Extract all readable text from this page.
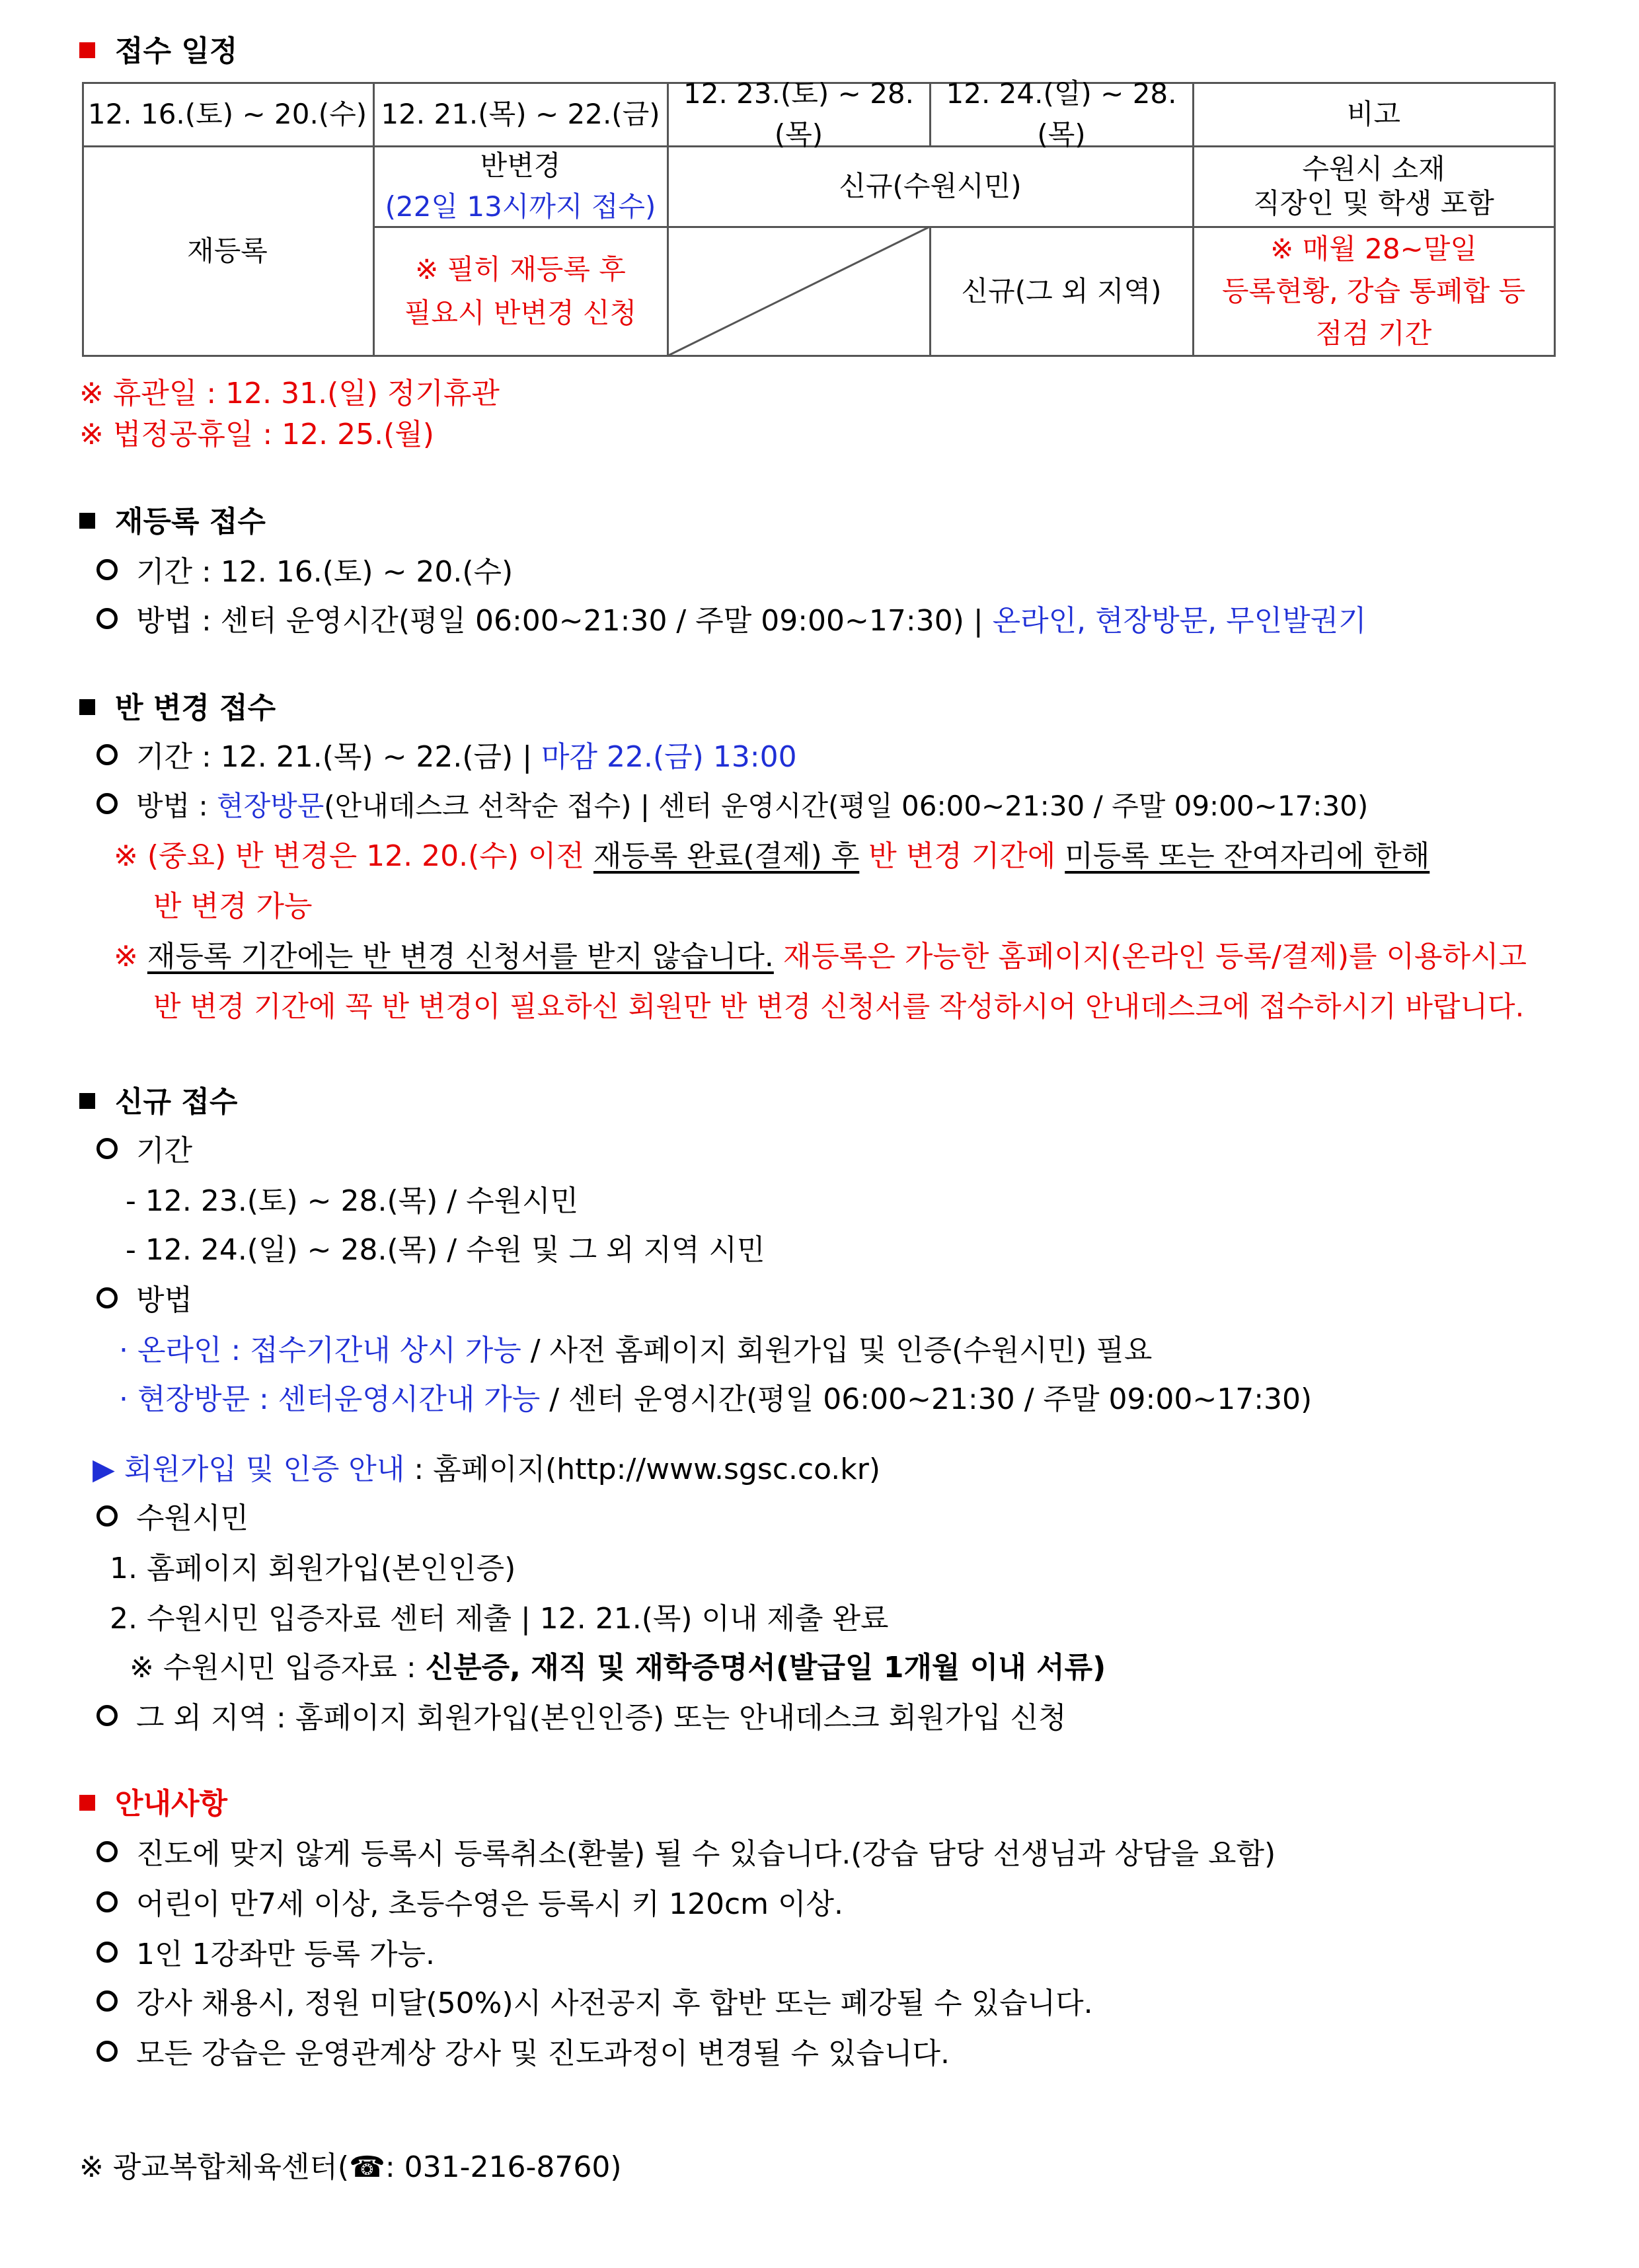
접수 일정
12. 16.(토) ~ 20.(수) 12. 21.(목) ~ 22.(금)
12. 23.(토) ~ 28.(목)
12. 24.(일) ~ 28.(목)
비고
재등록
반변경
(22일 13시까지 접수)
※ 필히 재등록 후
필요시 반변경 신청
신규(수원시민)
신규(그 외 지역)
수원시 소재
직장인 및 학생 포함
※ 매월 28~말일
등록현황, 강습 통폐합 등
점검 기간
※ 휴관일 : 12. 31.(일) 정기휴관
※ 법정공휴일 : 12. 25.(월)
재등록 접수
기간 : 12. 16.(토) ~ 20.(수)
방법 : 센터 운영시간(평일 06:00~21:30 / 주말 09:00~17:30) | 온라인, 현장방문, 무인발권기
반 변경 접수
기간 : 12. 21.(목) ~ 22.(금) | 마감 22.(금) 13:00
방법 : 현장방문(안내데스크 선착순 접수) | 센터 운영시간(평일 06:00~21:30 / 주말 09:00~17:30)
※ (중요) 반 변경은 12. 20.(수) 이전 재등록 완료(결제) 후 반 변경 기간에 미등록 또는 잔여자리에 한해
반 변경 가능
※ 재등록 기간에는 반 변경 신청서를 받지 않습니다. 재등록은 가능한 홈페이지(온라인 등록/결제)를 이용하시고
반 변경 기간에 꼭 반 변경이 필요하신 회원만 반 변경 신청서를 작성하시어 안내데스크에 접수하시기 바랍니다.
신규 접수
기간
- 12. 23.(토) ~ 28.(목) / 수원시민
- 12. 24.(일) ~ 28.(목) / 수원 및 그 외 지역 시민
방법
· 온라인 : 접수기간내 상시 가능 / 사전 홈페이지 회원가입 및 인증(수원시민) 필요
· 현장방문 : 센터운영시간내 가능 / 센터 운영시간(평일 06:00~21:30 / 주말 09:00~17:30)
▶ 회원가입 및 인증 안내 : 홈페이지(http://www.sgsc.co.kr)
수원시민
1. 홈페이지 회원가입(본인인증)
2. 수원시민 입증자료 센터 제출 | 12. 21.(목) 이내 제출 완료
※ 수원시민 입증자료 : 신분증, 재직 및 재학증명서(발급일 1개월 이내 서류)
그 외 지역 : 홈페이지 회원가입(본인인증) 또는 안내데스크 회원가입 신청
안내사항
진도에 맞지 않게 등록시 등록취소(환불) 될 수 있습니다.(강습 담당 선생님과 상담을 요함)
어린이 만7세 이상, 초등수영은 등록시 키 120cm 이상.
1인 1강좌만 등록 가능.
강사 채용시, 정원 미달(50%)시 사전공지 후 합반 또는 폐강될 수 있습니다.
모든 강습은 운영관계상 강사 및 진도과정이 변경될 수 있습니다.
※ 광교복합체육센터(☎: 031-216-8760)
